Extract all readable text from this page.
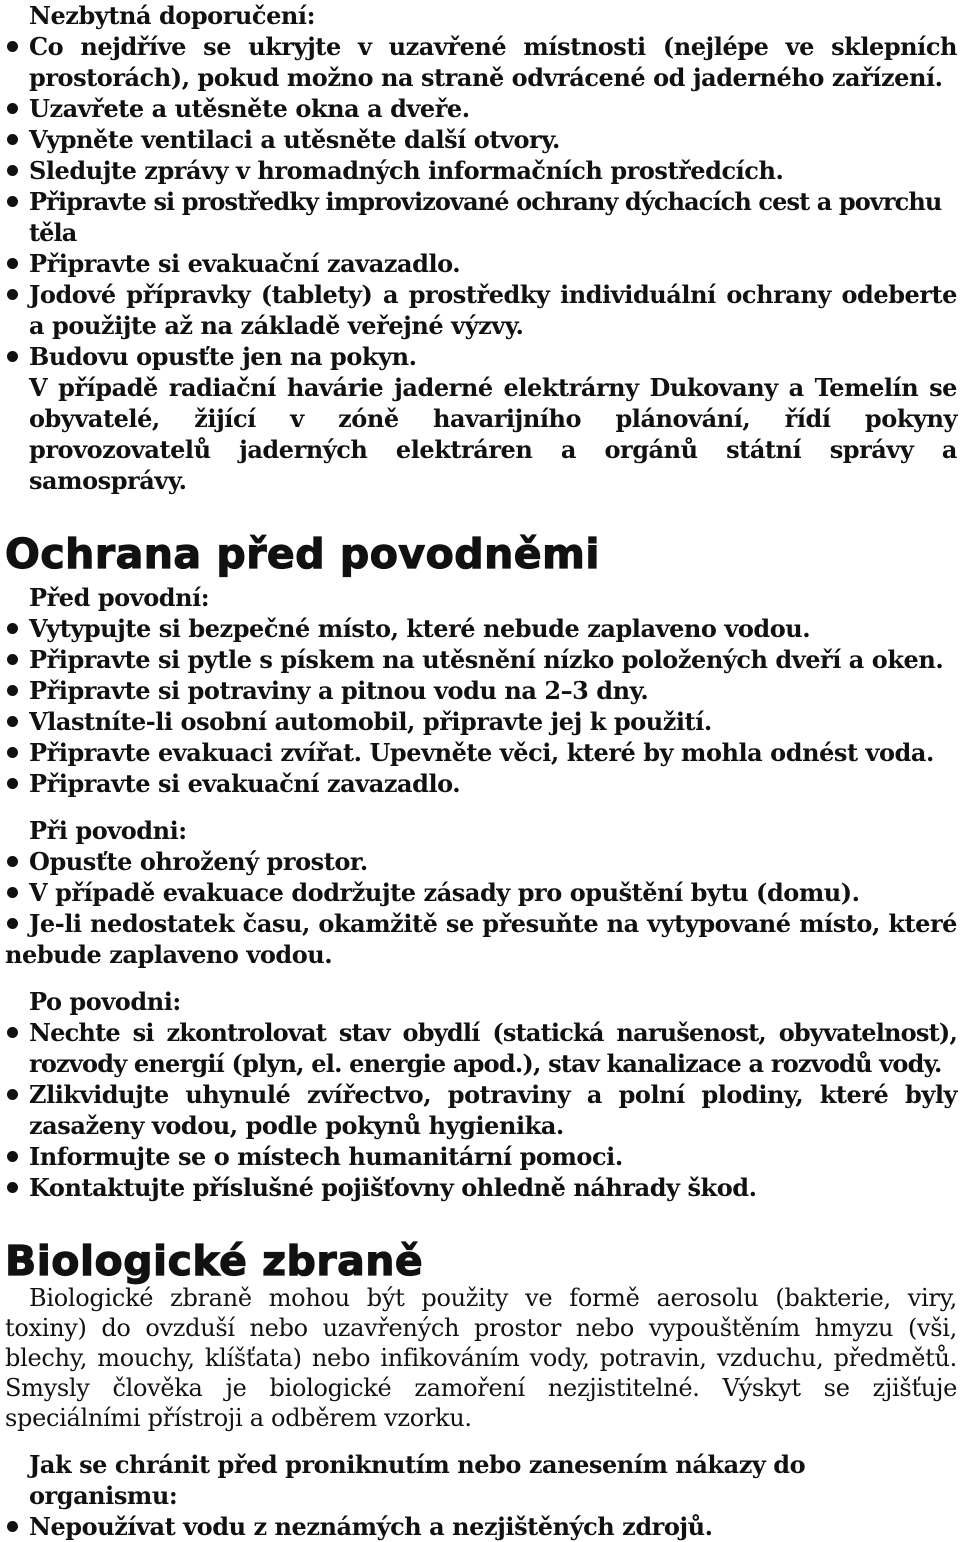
Nezbytná doporučení:

Co nejdříve se ukryjte v uzavřené místnosti (nejlépe ve sklepních prostorách), pokud možno na straně odvrácené od jaderného zařízení.
Uzavřete a utěsněte okna a dveře.
Vypněte ventilaci a utěsněte další otvory.
Sledujte zprávy v hromadných informačních prostředcích.
Připravte si prostředky improvizované ochrany dýchacích cest a povrchu těla
Připravte si evakuační zavazadlo.
Jodové přípravky (tablety) a prostředky individuální ochrany odeberte a použijte až na základě veřejné výzvy.
Budovu opusťte jen na pokyn.

V případě radiační havárie jaderné elektrárny Dukovany a Temelín se obyvatelé, žijící v zóně havarijního plánování, řídí pokyny provozovatelů jaderných elektráren a orgánů státní správy a samosprávy.

Ochrana před povodněmi

Před povodní:

Vytypujte si bezpečné místo, které nebude zaplaveno vodou.
Připravte si pytle s pískem na utěsnění nízko položených dveří a oken.
Připravte si potraviny a pitnou vodu na 2–3 dny.
Vlastníte-li osobní automobil, připravte jej k použití.
Připravte evakuaci zvířat. Upevněte věci, které by mohla odnést voda.
Připravte si evakuační zavazadlo.

Při povodni:

Opusťte ohrožený prostor.
V případě evakuace dodržujte zásady pro opuštění bytu (domu).
Je-li nedostatek času, okamžitě se přesuňte na vytypované místo, které nebude zaplaveno vodou.

Po povodni:

Nechte si zkontrolovat stav obydlí (statická narušenost, obyvatelnost), rozvody energií (plyn, el. energie apod.), stav kanalizace a rozvodů vody.
Zlikvidujte uhynulé zvířectvo, potraviny a polní plodiny, které byly zasaženy vodou, podle pokynů hygienika.
Informujte se o místech humanitární pomoci.
Kontaktujte příslušné pojišťovny ohledně náhrady škod.
Biologické zbraně

Biologické zbraně mohou být použity ve formě aerosolu (bakterie, viry, toxiny) do ovzduší nebo uzavřených prostor nebo vypouštěním hmyzu (vši, blechy, mouchy, klíšťata) nebo infikováním vody, potravin, vzduchu, předmětů. Smysly člověka je biologické zamoření nezjistitelné. Výskyt se zjišťuje speciálními přístroji a odběrem vzorku.

Jak se chránit před proniknutím nebo zanesením nákazy do organismu:

Nepoužívat vodu z neznámých a nezjištěných zdrojů.
